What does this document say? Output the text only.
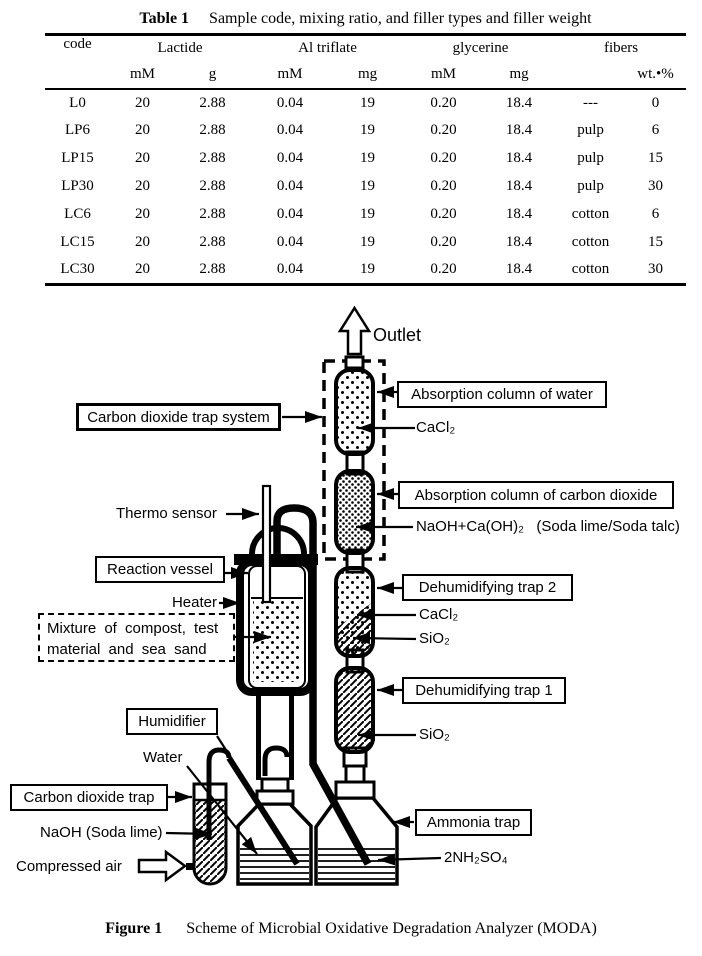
Table 1 Sample code, mixing ratio, and filler types and filler weight
code	Lactide		Al triflate		glycerine		fibers	
	mM	g	mM	mg	mM	mg		wt.•%
L0	20	2.88	0.04	19	0.20	18.4	---	0
LP6	20	2.88	0.04	19	0.20	18.4	pulp	6
LP15	20	2.88	0.04	19	0.20	18.4	pulp	15
LP30	20	2.88	0.04	19	0.20	18.4	pulp	30
LC6	20	2.88	0.04	19	0.20	18.4	cotton	6
LC15	20	2.88	0.04	19	0.20	18.4	cotton	15
LC30	20	2.88	0.04	19	0.20	18.4	cotton	30
Outlet
Carbon dioxide trap system
Absorption column of water
CaCl₂
Absorption column of carbon dioxide
NaOH+Ca(OH)₂   (Soda lime/Soda talc)
Dehumidifying trap 2
CaCl₂
SiO₂
Dehumidifying trap 1
SiO₂
Thermo sensor
Reaction vessel
Heater
Mixture of compost, test
material and sea sand
Humidifier
Water
Carbon dioxide trap
NaOH (Soda lime)
Compressed air
Ammonia trap
2NH₂SO₄
Figure 1 Scheme of Microbial Oxidative Degradation Analyzer (MODA)
